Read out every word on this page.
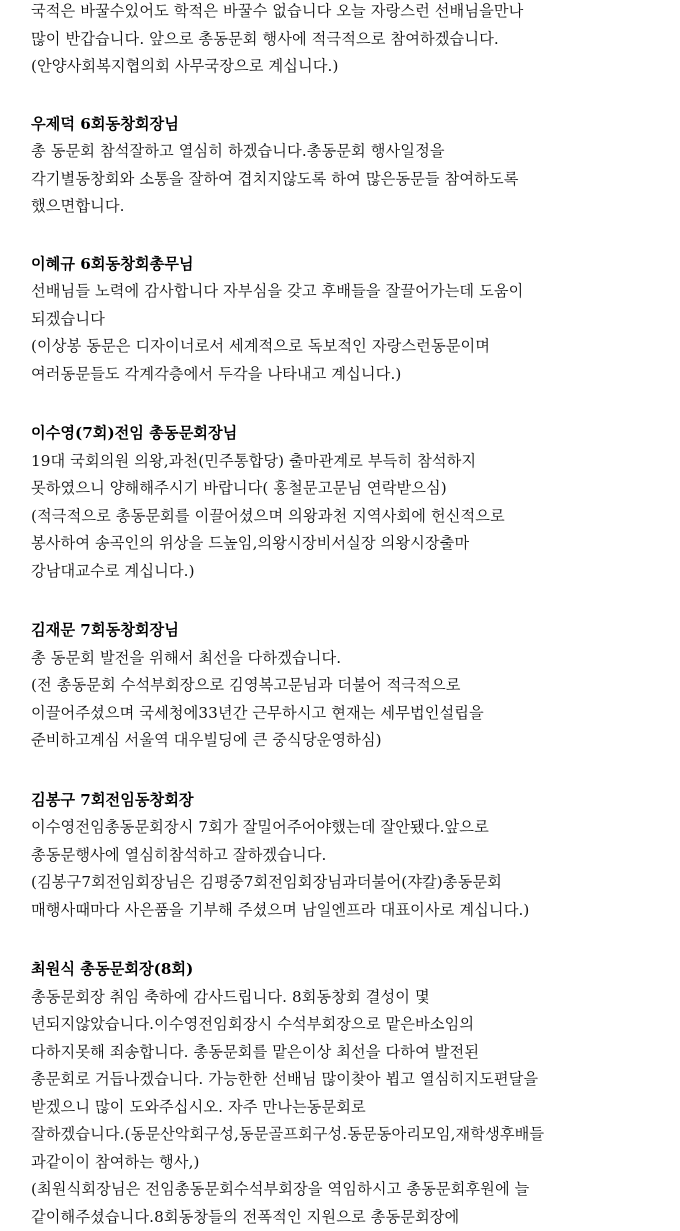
국적은 바꿀수있어도 학적은 바꿀수 없습니다 오늘 자랑스런 선배님을만나
많이 반갑습니다. 앞으로 총동문회 행사에 적극적으로 참여하겠습니다.
(안양사회복지협의회 사무국장으로 계십니다.)
우제덕 6회동창회장님
총 동문회 참석잘하고 열심히 하겠습니다.총동문회 행사일정을
각기별동창회와 소통을 잘하여 겹치지않도록 하여 많은동문들 참여하도록
했으면합니다.
이혜규 6회동창회총무님
선배님들 노력에 감사합니다 자부심을 갖고 후배들을 잘끌어가는데 도움이
되겠습니다
(이상봉 동문은 디자이너로서 세계적으로 독보적인 자랑스런동문이며
여러동문들도 각계각층에서 두각을 나타내고 계십니다.)
이수영(7회)전임 총동문회장님
19대 국회의원 의왕,과천(민주통합당) 출마관계로 부득히 참석하지
못하였으니 양해해주시기 바랍니다( 홍철문고문님 연락받으심)
(적극적으로 총동문회를 이끌어셨으며 의왕과천 지역사회에 헌신적으로
봉사하여 송곡인의 위상을 드높임,의왕시장비서실장 의왕시장출마
강남대교수로 계십니다.)
김재문 7회동창회장님
총 동문회 발전을 위해서 최선을 다하겠습니다.
(전 총동문회 수석부회장으로 김영복고문님과 더불어 적극적으로
이끌어주셨으며 국세청에33년간 근무하시고 현재는 세무법인설립을
준비하고계심 서울역 대우빌딩에 큰 중식당운영하심)
김봉구 7회전임동창회장
이수영전임총동문회장시 7회가 잘밀어주어야했는데 잘안됐다.앞으로
총동문행사에 열심히참석하고 잘하겠습니다.
(김봉구7회전임회장님은 김평중7회전임회장님과더불어(쟈칼)총동문회
매행사때마다 사은품을 기부해 주셨으며 남일엔프라 대표이사로 계십니다.)
최원식 총동문회장(8회)
총동문회장 취임 축하에 감사드립니다. 8회동창회 결성이 몇
년되지않았습니다.이수영전임회장시 수석부회장으로 맡은바소임의
다하지못해 죄송합니다. 총동문회를 맡은이상 최선을 다하여 발전된
총문회로 거듭나겠습니다. 가능한한 선배님 많이찾아 뵙고 열심히지도편달을
받겠으니 많이 도와주십시오. 자주 만나는동문회로
잘하겠습니다.(동문산악회구성,동문골프회구성.동문동아리모임,재학생후배들
과같이이 참여하는 행사,)
(최원식회장님은 전임총동문회수석부회장을 역임하시고 총동문회후원에 늘
같이해주셨습니다.8회동창들의 전폭적인 지원으로 총동문회장에
